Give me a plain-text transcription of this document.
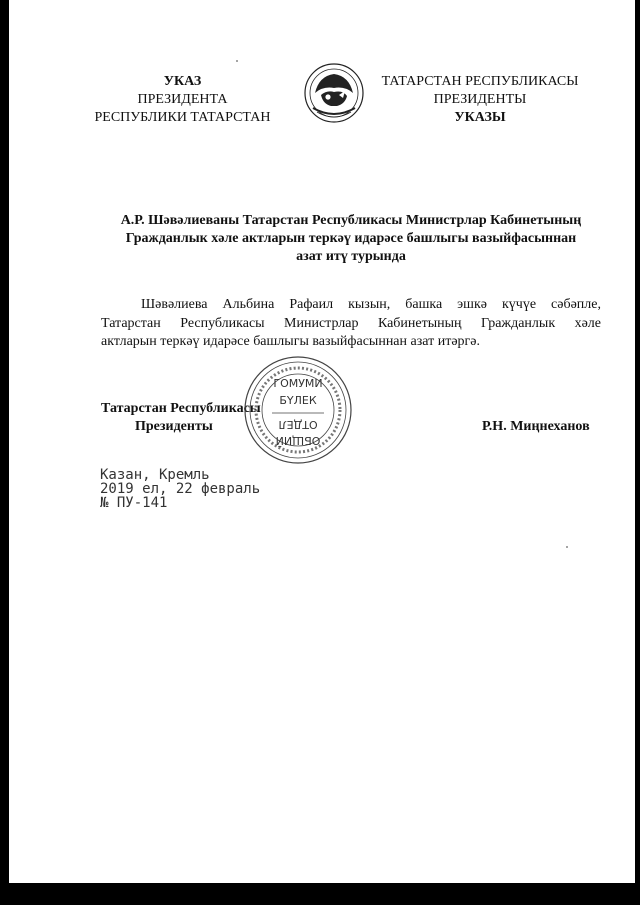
УКАЗ
ПРЕЗИДЕНТА
РЕСПУБЛИКИ ТАТАРСТАН
ТАТАРСТАН РЕСПУБЛИКАСЫ
ПРЕЗИДЕНТЫ
УКАЗЫ
А.Р. Шәвәлиеваны Татарстан Республикасы Министрлар Кабинетының
Гражданлык хәле актларын теркәү идарәсе башлыгы вазыйфасыннан
азат итү турында
Шәвәлиева Альбина Рафаил кызын, башка эшкә күчүе сәбәпле,
Татарстан Республикасы Министрлар Кабинетының Гражданлык хәле
актларын теркәү идарәсе башлыгы вазыйфасыннан азат итәргә.
Татарстан Республикасы
Президенты
ГОМУМИ
БҮЛЕК
ОТДЕЛ
ОБЩИЙ
Р.Н. Миңнеханов
Казан, Кремль
2019 ел, 22 февраль
№ ПУ-141
